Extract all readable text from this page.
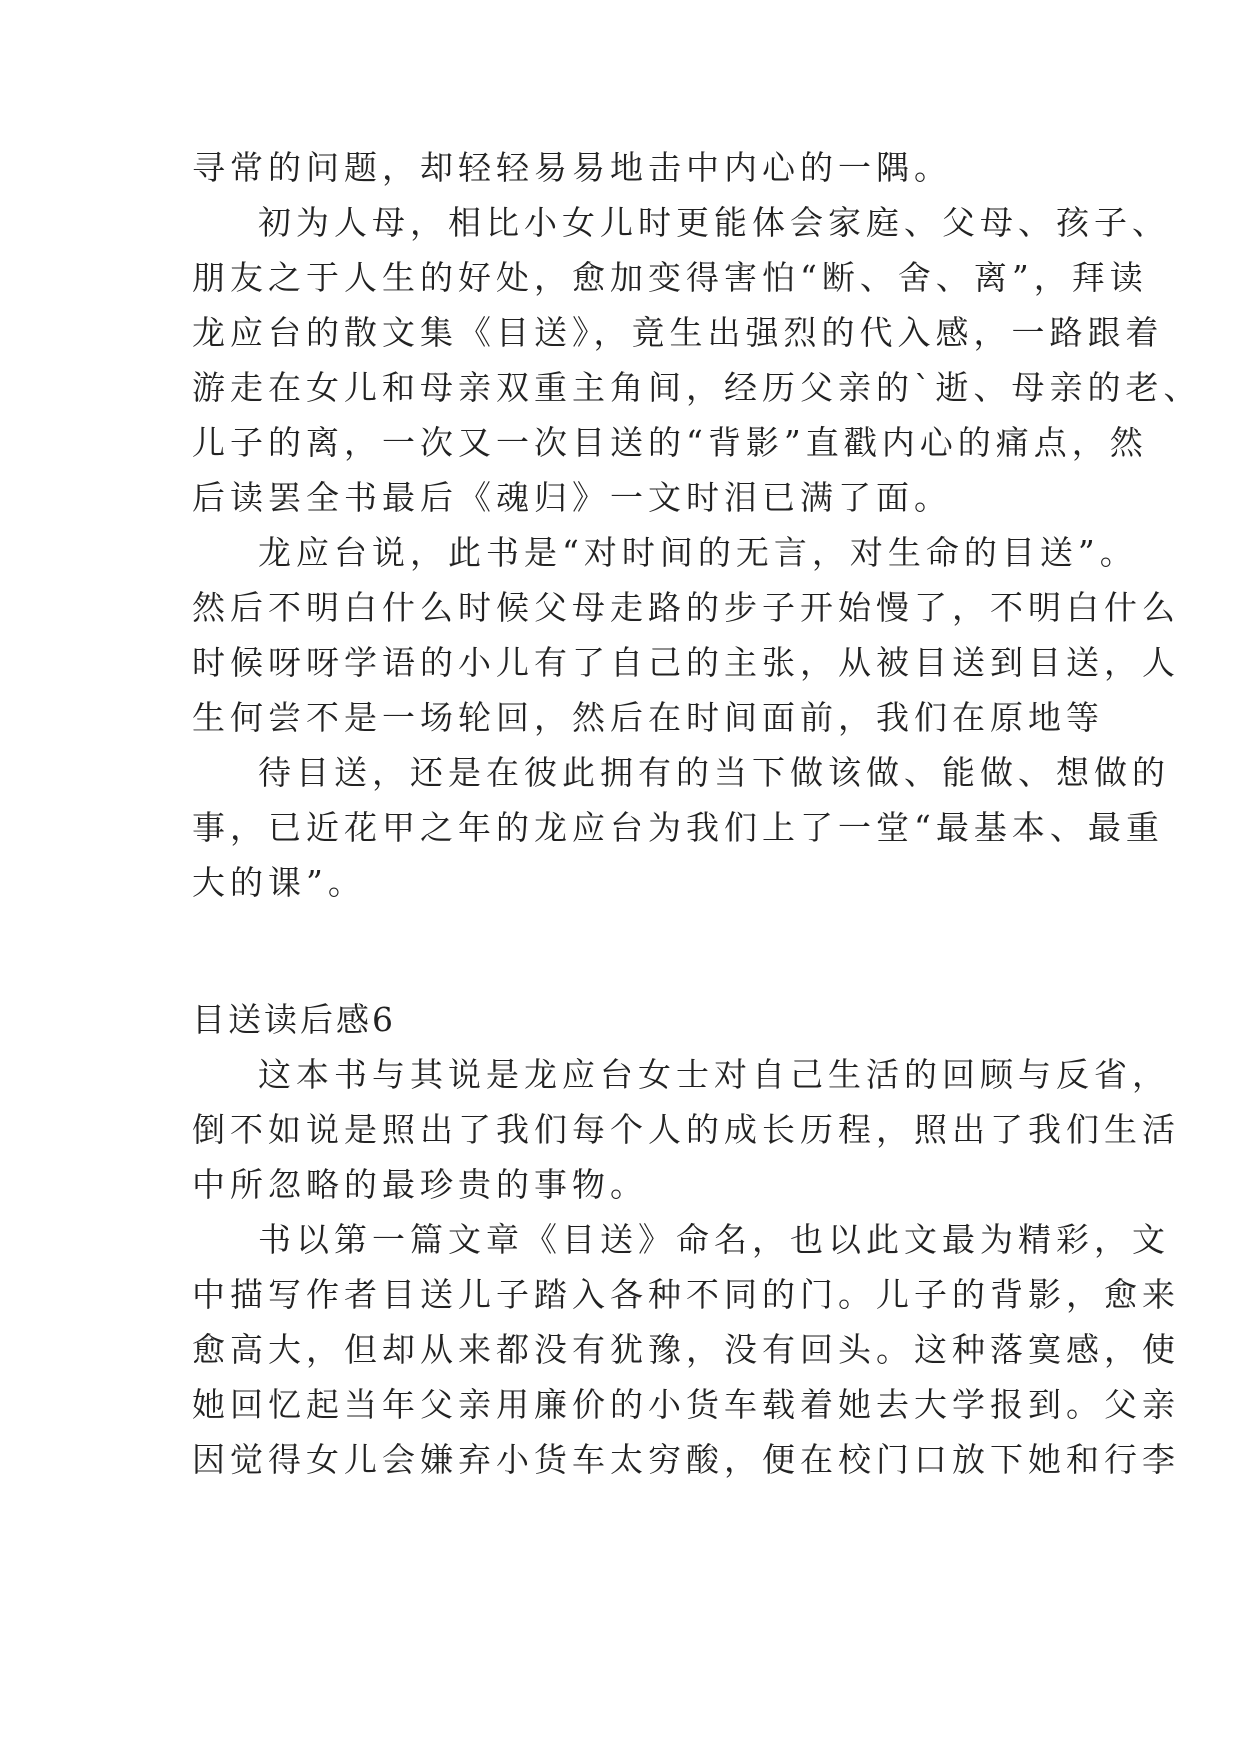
寻常的问题，却轻轻易易地击中内心的一隅。
初为人母，相比小女儿时更能体会家庭、父母、孩子、
朋友之于人生的好处，愈加变得害怕“断、舍、离”，拜读
龙应台的散文集《目送》，竟生出强烈的代入感，一路跟着
游走在女儿和母亲双重主角间，经历父亲的`逝、母亲的老、
儿子的离，一次又一次目送的“背影”直戳内心的痛点，然
后读罢全书最后《魂归》一文时泪已满了面。
龙应台说，此书是“对时间的无言，对生命的目送”。
然后不明白什么时候父母走路的步子开始慢了，不明白什么
时候呀呀学语的小儿有了自己的主张，从被目送到目送，人
生何尝不是一场轮回，然后在时间面前，我们在原地等
待目送，还是在彼此拥有的当下做该做、能做、想做的
事，已近花甲之年的龙应台为我们上了一堂“最基本、最重
大的课”。
目送读后感6
这本书与其说是龙应台女士对自己生活的回顾与反省，
倒不如说是照出了我们每个人的成长历程，照出了我们生活
中所忽略的最珍贵的事物。
书以第一篇文章《目送》命名，也以此文最为精彩，文
中描写作者目送儿子踏入各种不同的门。儿子的背影，愈来
愈高大，但却从来都没有犹豫，没有回头。这种落寞感，使
她回忆起当年父亲用廉价的小货车载着她去大学报到。父亲
因觉得女儿会嫌弃小货车太穷酸，便在校门口放下她和行李
